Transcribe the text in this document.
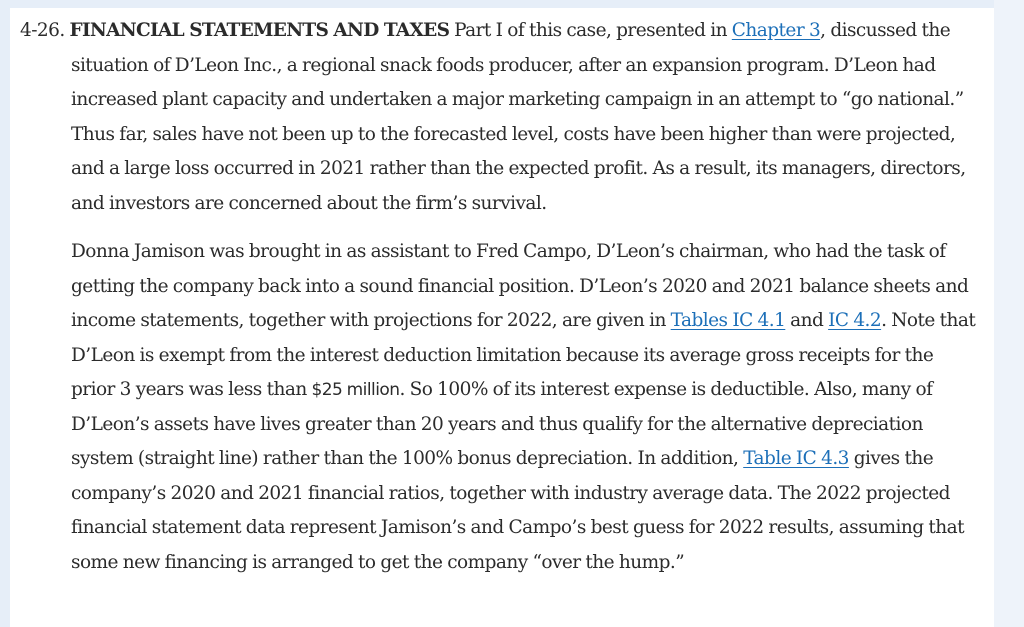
4-26. FINANCIAL STATEMENTS AND TAXES Part I of this case, presented in Chapter 3, discussed the situation of D’Leon Inc., a regional snack foods producer, after an expansion program. D’Leon had increased plant capacity and undertaken a major marketing campaign in an attempt to “go national.” Thus far, sales have not been up to the forecasted level, costs have been higher than were projected, and a large loss occurred in 2021 rather than the expected profit. As a result, its managers, directors, and investors are concerned about the firm’s survival.

Donna Jamison was brought in as assistant to Fred Campo, D’Leon’s chairman, who had the task of getting the company back into a sound financial position. D’Leon’s 2020 and 2021 balance sheets and income statements, together with projections for 2022, are given in Tables IC 4.1 and IC 4.2. Note that D’Leon is exempt from the interest deduction limitation because its average gross receipts for the prior 3 years was less than $25 million. So 100% of its interest expense is deductible. Also, many of D’Leon’s assets have lives greater than 20 years and thus qualify for the alternative depreciation system (straight line) rather than the 100% bonus depreciation. In addition, Table IC 4.3 gives the company’s 2020 and 2021 financial ratios, together with industry average data. The 2022 projected financial statement data represent Jamison’s and Campo’s best guess for 2022 results, assuming that some new financing is arranged to get the company “over the hump.”
